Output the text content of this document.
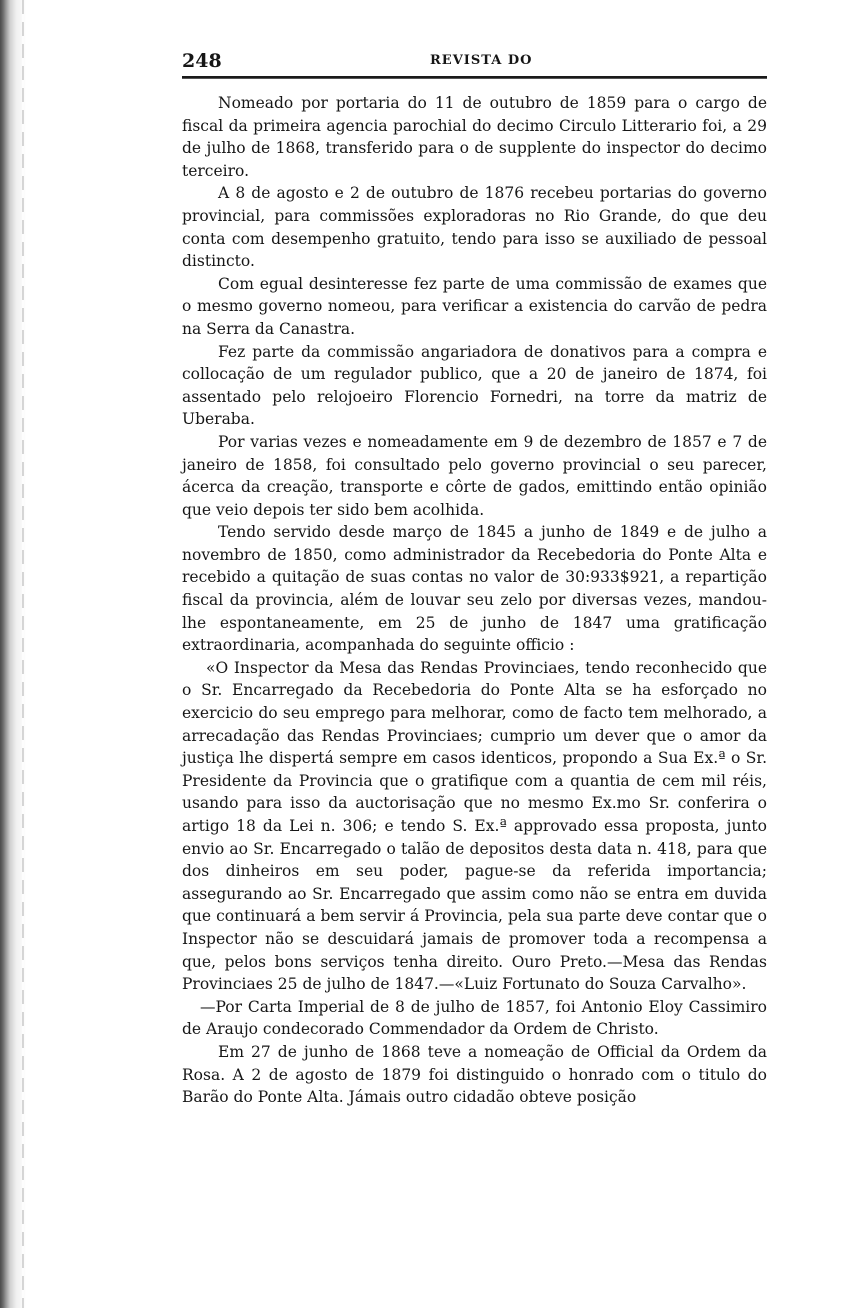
248	REVISTA DO

Nomeado por portaria do 11 de outubro de 1859 para o cargo de fiscal da primeira agencia parochial do decimo Circulo Litterario foi, a 29 de julho de 1868, transferido para o de supplente do inspector do decimo terceiro.

A 8 de agosto e 2 de outubro de 1876 recebeu portarias do governo provincial, para commissões exploradoras no Rio Grande, do que deu conta com desempenho gratuito, tendo para isso se auxiliado de pessoal distincto.

Com egual desinteresse fez parte de uma commissão de exames que o mesmo governo nomeou, para verificar a existencia do carvão de pedra na Serra da Canastra.

Fez parte da commissão angariadora de donativos para a compra e collocação de um regulador publico, que a 20 de janeiro de 1874, foi assentado pelo relojoeiro Florencio Fornedri, na torre da matriz de Uberaba.

Por varias vezes e nomeadamente em 9 de dezembro de 1857 e 7 de janeiro de 1858, foi consultado pelo governo provincial o seu parecer, ácerca da creação, transporte e côrte de gados, emittindo então opinião que veio depois ter sido bem acolhida.

Tendo servido desde março de 1845 a junho de 1849 e de julho a novembro de 1850, como administrador da Recebedoria do Ponte Alta e recebido a quitação de suas contas no valor de 30:933$921, a repartição fiscal da provincia, além de louvar seu zelo por diversas vezes, mandou-lhe espontaneamente, em 25 de junho de 1847 uma gratificação extraordinaria, acompanhada do seguinte officio :

«O Inspector da Mesa das Rendas Provinciaes, tendo reconhecido que o Sr. Encarregado da Recebedoria do Ponte Alta se ha esforçado no exercicio do seu emprego para melhorar, como de facto tem melhorado, a arrecadação das Rendas Provinciaes; cumprio um dever que o amor da justiça lhe dispertá sempre em casos identicos, propondo a Sua Ex.ª o Sr. Presidente da Provincia que o gratifique com a quantia de cem mil réis, usando para isso da auctorisação que no mesmo Ex.mo Sr. conferira o artigo 18 da Lei n. 306; e tendo S. Ex.ª approvado essa proposta, junto envio ao Sr. Encarregado o talão de depositos desta data n. 418, para que dos dinheiros em seu poder, pague-se da referida importancia; assegurando ao Sr. Encarregado que assim como não se entra em duvida que continuará a bem servir á Provincia, pela sua parte deve contar que o Inspector não se descuidará jamais de promover toda a recompensa a que, pelos bons serviços tenha direito. Ouro Preto.—Mesa das Rendas Provinciaes 25 de julho de 1847.—«Luiz Fortunato do Souza Carvalho».

—Por Carta Imperial de 8 de julho de 1857, foi Antonio Eloy Cassimiro de Araujo condecorado Commendador da Ordem de Christo.

Em 27 de junho de 1868 teve a nomeação de Official da Ordem da Rosa. A 2 de agosto de 1879 foi distinguido o honrado com o titulo do Barão do Ponte Alta. Jámais outro cidadão obteve posição
